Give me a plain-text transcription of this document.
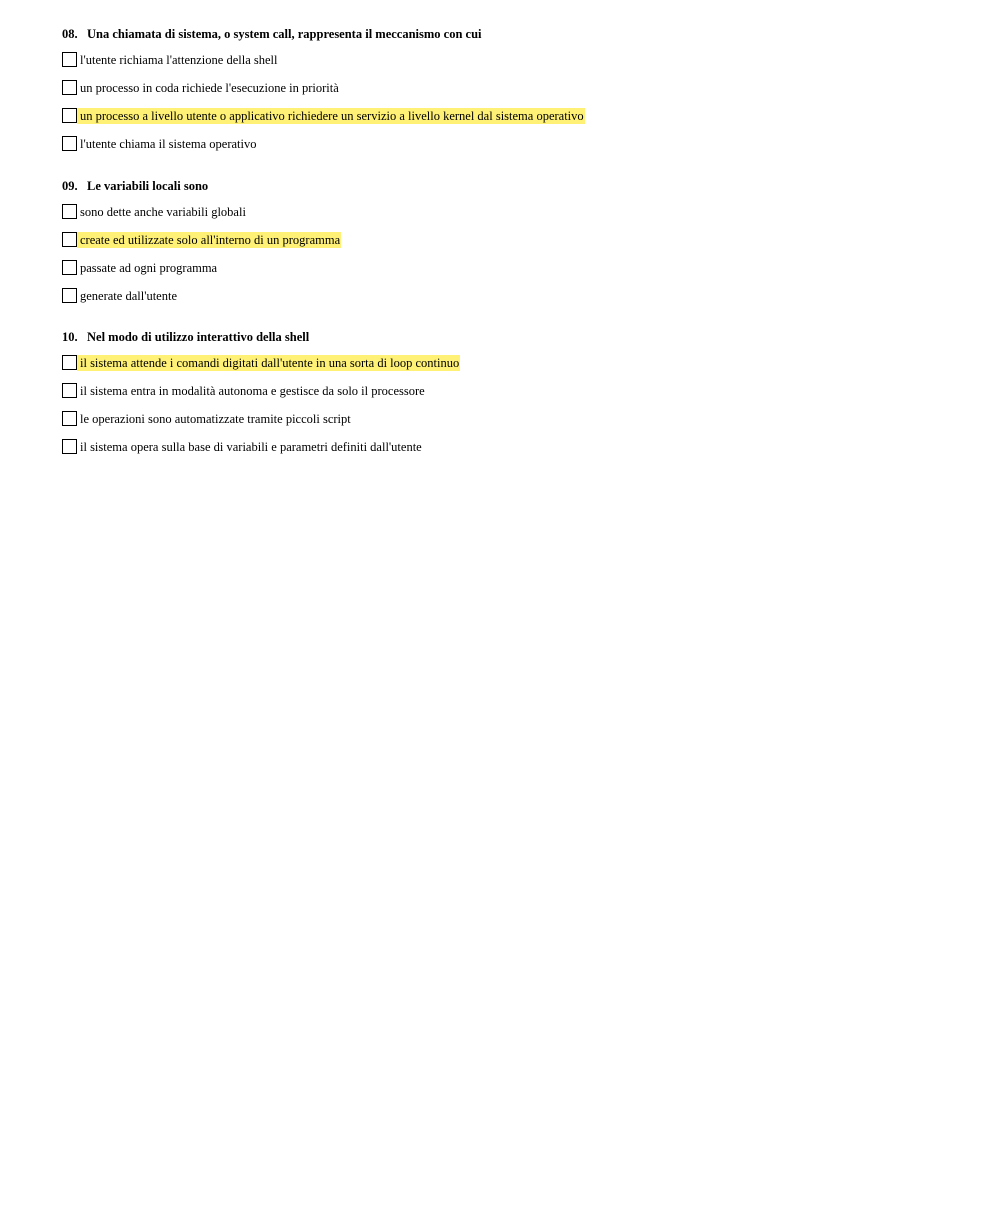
08. Una chiamata di sistema, o system call, rappresenta il meccanismo con cui
l'utente richiama l'attenzione della shell
un processo in coda richiede l'esecuzione in priorità
un processo a livello utente o applicativo richiedere un servizio a livello kernel dal sistema operativo
l'utente chiama il sistema operativo
09. Le variabili locali sono
sono dette anche variabili globali
create ed utilizzate solo all'interno di un programma
passate ad ogni programma
generate dall'utente
10. Nel modo di utilizzo interattivo della shell
il sistema attende i comandi digitati dall'utente in una sorta di loop continuo
il sistema entra in modalità autonoma e gestisce da solo il processore
le operazioni sono automatizzate tramite piccoli script
il sistema opera sulla base di variabili e parametri definiti dall'utente
